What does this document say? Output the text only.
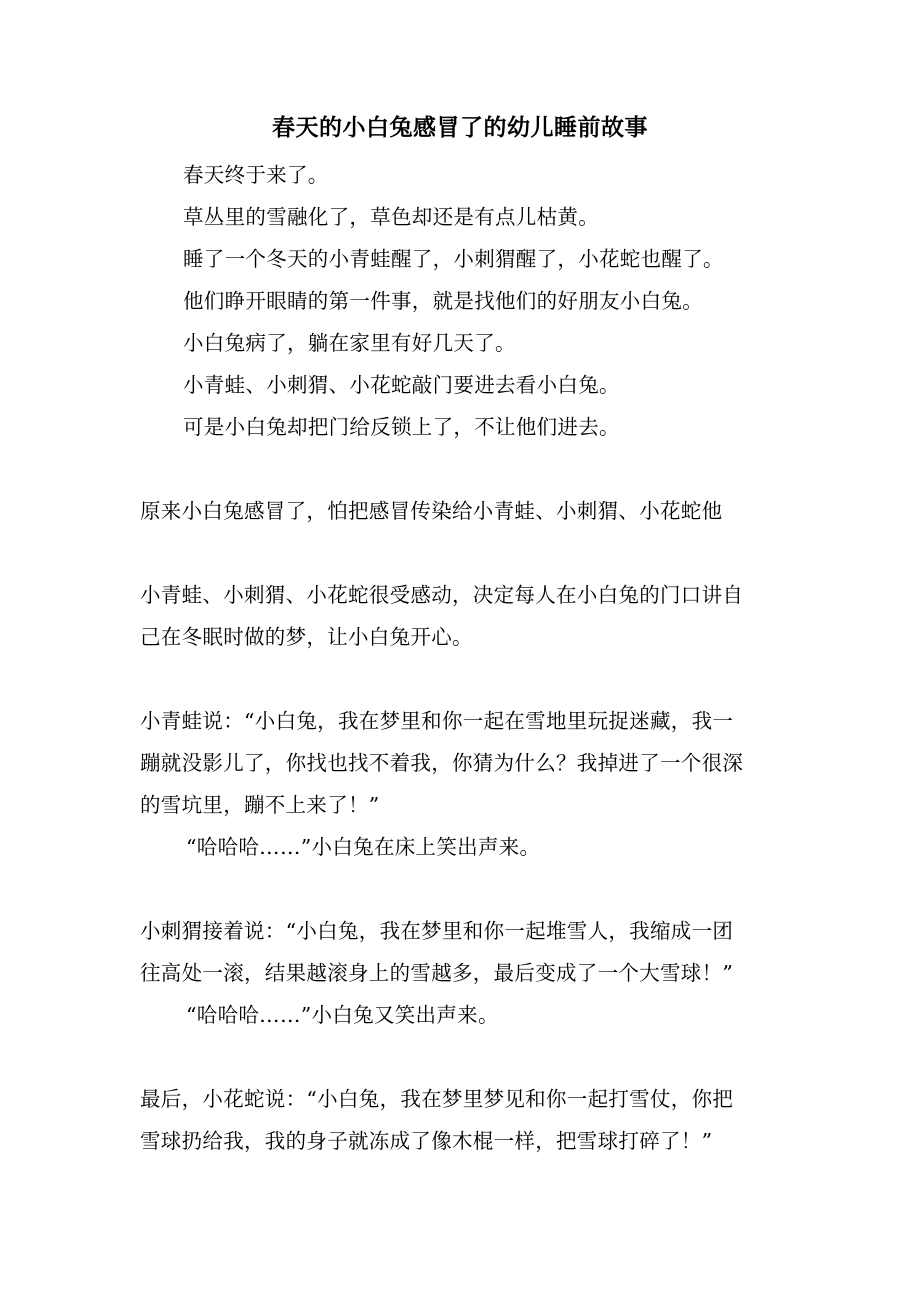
春天的小白兔感冒了的幼儿睡前故事
春天终于来了。
草丛里的雪融化了，草色却还是有点儿枯黄。
睡了一个冬天的小青蛙醒了，小刺猬醒了，小花蛇也醒了。
他们睁开眼睛的第一件事，就是找他们的好朋友小白兔。
小白兔病了，躺在家里有好几天了。
小青蛙、小刺猬、小花蛇敲门要进去看小白兔。
可是小白兔却把门给反锁上了，不让他们进去。
原来小白兔感冒了，怕把感冒传染给小青蛙、小刺猬、小花蛇他
小青蛙、小刺猬、小花蛇很受感动，决定每人在小白兔的门口讲自
己在冬眠时做的梦，让小白兔开心。
小青蛙说：“小白兔，我在梦里和你一起在雪地里玩捉迷藏，我一
蹦就没影儿了，你找也找不着我，你猜为什么？我掉进了一个很深
的雪坑里，蹦不上来了！”
“哈哈哈……”小白兔在床上笑出声来。
小刺猬接着说：“小白兔，我在梦里和你一起堆雪人，我缩成一团
往高处一滚，结果越滚身上的雪越多，最后变成了一个大雪球！”
“哈哈哈……”小白兔又笑出声来。
最后，小花蛇说：“小白兔，我在梦里梦见和你一起打雪仗，你把
雪球扔给我，我的身子就冻成了像木棍一样，把雪球打碎了！”
